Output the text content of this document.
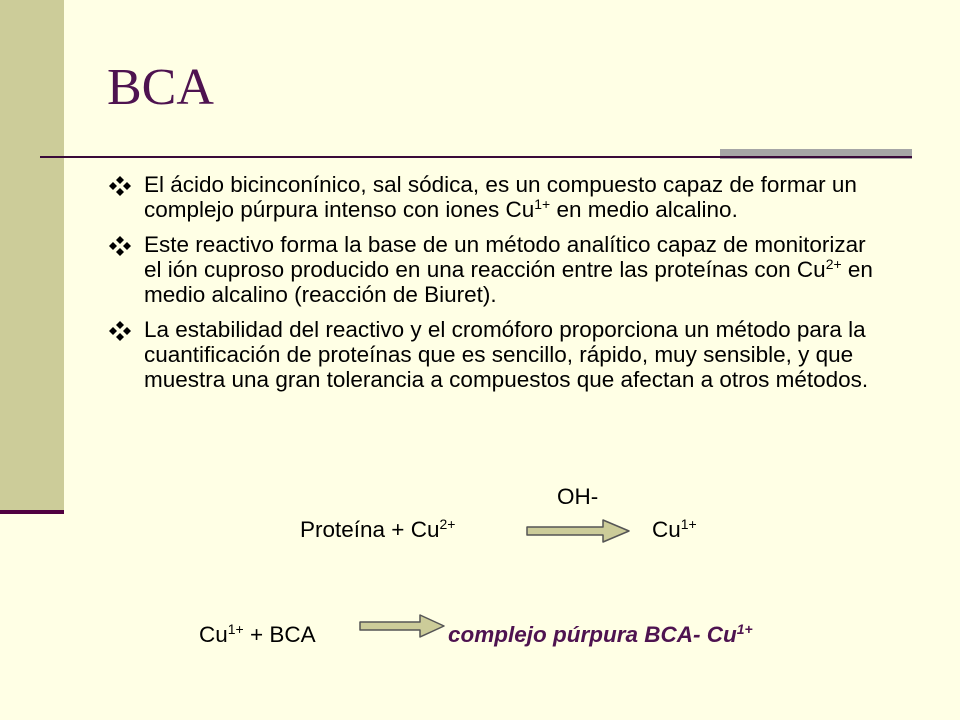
BCA
El ácido bicinconínico, sal sódica, es un compuesto capaz de formar un complejo púrpura intenso con iones $Cu^{1+}$ en medio alcalino.
Este reactivo forma la base de un método analítico capaz de monitorizar el ión cuproso producido en una reacción entre las proteínas con $Cu^{2+}$ en medio alcalino (reacción de Biuret).
La estabilidad del reactivo y el cromóforo proporciona un método para la cuantificación de proteínas que es sencillo, rápido, muy sensible, y que muestra una gran tolerancia a compuestos que afectan a otros métodos.
OH-
Proteína + $Cu^{2+}$	$Cu^{1+}$
$Cu^{1+}$ + BCA	complejo púrpura BCA- $Cu^{1+}$
